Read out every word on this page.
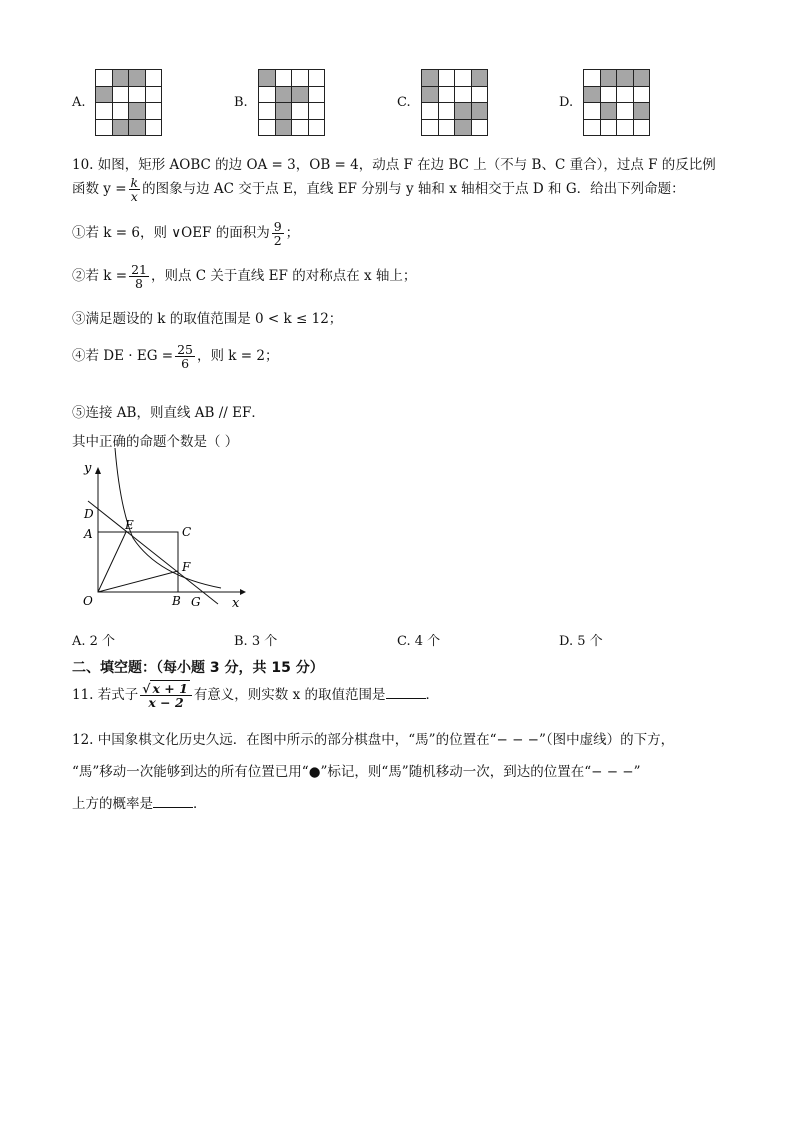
A.	B.	C.	D.
10. 如图，矩形 AOBC 的边 OA = 3，OB = 4，动点 F 在边 BC 上（不与 B、C 重合），过点 F 的反比例
函数 $y = \frac{k}{x}$ 的图象与边 AC 交于点 E，直线 EF 分别与 y 轴和 x 轴相交于点 D 和 G．给出下列命题：
①若 k = 6，则 ∨OEF 的面积为 $\frac{9}{2}$ ；
②若 $k = \frac{21}{8}$ ，则点 C 关于直线 EF 的对称点在 x 轴上；
③满足题设的 k 的取值范围是 0 < k ≤ 12；
④若 DE · EG = $\frac{25}{6}$ ，则 k = 2；
⑤连接 AB，则直线 AB // EF．
其中正确的命题个数是（ ）
y
x
D
A
E	C
F
O	B G
A. 2 个	B. 3 个	C. 4 个	D. 5 个
二、填空题：（每小题 3 分，共 15 分）
11. 若式子 $\frac{√ x + 1}{x - 2}$ 有意义，则实数 x 的取值范围是	．
12. 中国象棋文化历史久远．在图中所示的部分棋盘中，“馬”的位置在“− − −”（图中虚线）的下方，
“馬”移动一次能够到达的所有位置已用“●”标记，则“馬”随机移动一次，到达的位置在“− − −”
上方的概率是	．
